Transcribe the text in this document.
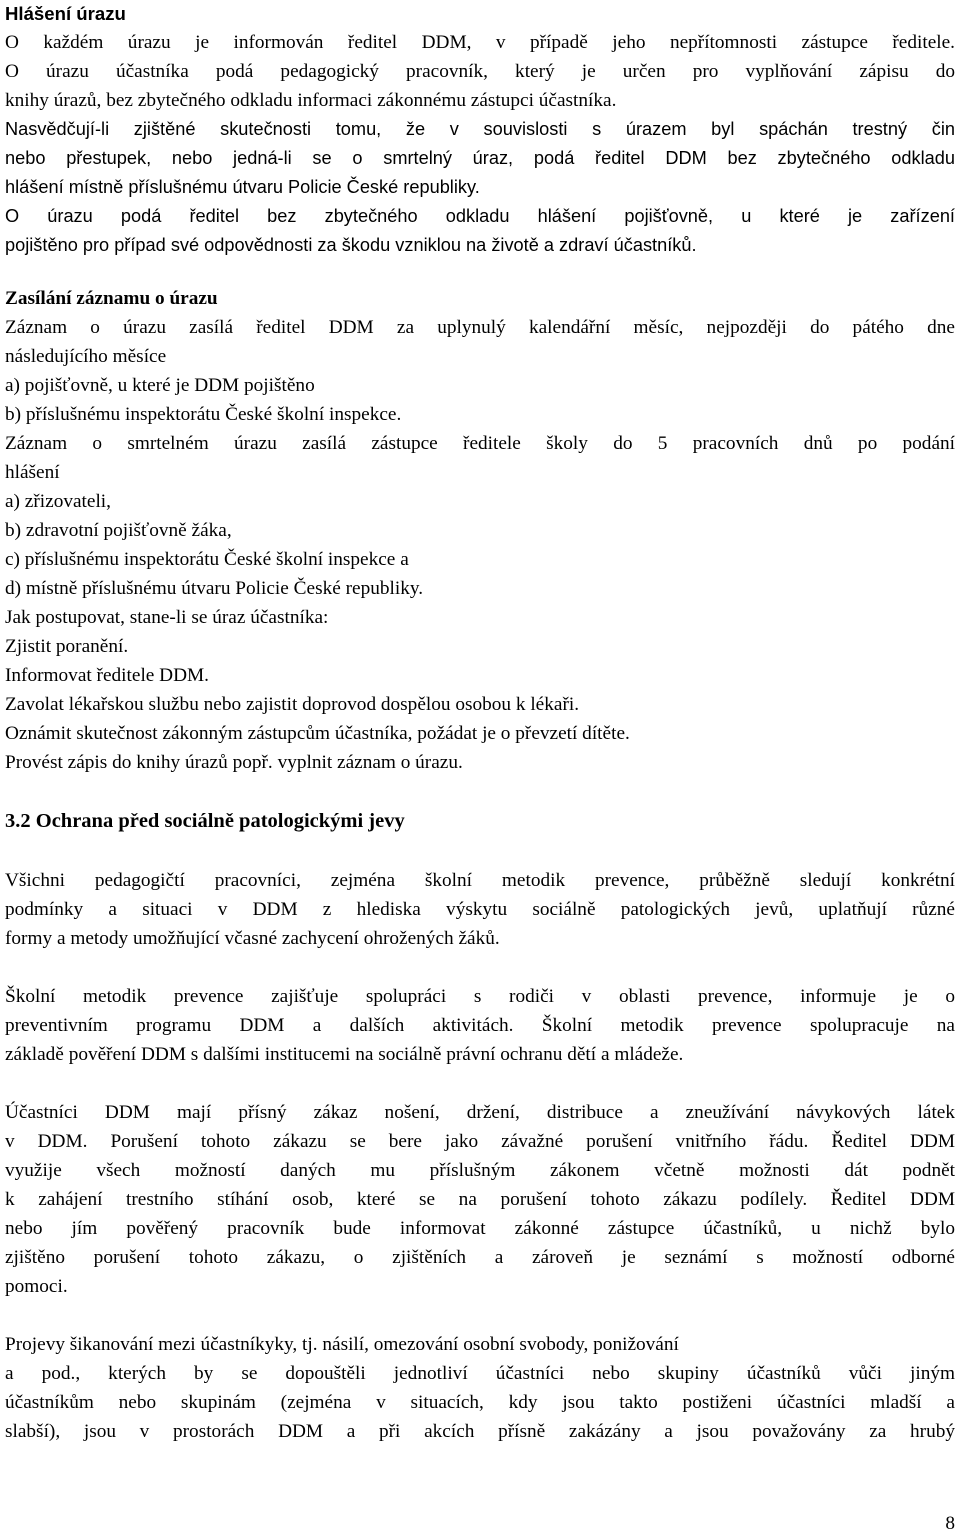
Hlášení úrazu

O každém úrazu je informován ředitel DDM, v případě jeho nepřítomnosti zástupce ředitele.

O úrazu účastníka podá pedagogický pracovník, který je určen pro vyplňování zápisu do

knihy úrazů, bez zbytečného odkladu informaci zákonnému zástupci účastníka.

Nasvědčují-li zjištěné skutečnosti tomu, že v souvislosti s úrazem byl spáchán trestný čin

nebo přestupek, nebo jedná-li se o smrtelný úraz, podá ředitel DDM bez zbytečného odkladu

hlášení místně příslušnému útvaru Policie České republiky.

O úrazu podá ředitel bez zbytečného odkladu hlášení pojišťovně, u které je zařízení

pojištěno pro případ své odpovědnosti za škodu vzniklou na životě a zdraví účastníků.

Zasílání záznamu o úrazu

Záznam o úrazu zasílá ředitel DDM za uplynulý kalendářní měsíc, nejpozději do pátého dne

následujícího měsíce

a) pojišťovně, u které je DDM pojištěno

b) příslušnému inspektorátu České školní inspekce.

Záznam o smrtelném úrazu zasílá zástupce ředitele školy do 5 pracovních dnů po podání

hlášení

a) zřizovateli,

b) zdravotní pojišťovně žáka,

c) příslušnému inspektorátu České školní inspekce a

d) místně příslušnému útvaru Policie České republiky.

Jak postupovat, stane-li se úraz účastníka:

Zjistit poranění.

Informovat ředitele DDM.

Zavolat lékařskou službu nebo zajistit doprovod dospělou osobou k lékaři.

Oznámit skutečnost zákonným zástupcům účastníka, požádat je o převzetí dítěte.

Provést zápis do knihy úrazů popř. vyplnit záznam o úrazu.

3.2 Ochrana před sociálně patologickými jevy

Všichni pedagogičtí pracovníci, zejména školní metodik prevence, průběžně sledují konkrétní

podmínky a situaci v DDM z hlediska výskytu sociálně patologických jevů, uplatňují různé

formy a metody umožňující včasné zachycení ohrožených žáků.

Školní metodik prevence zajišťuje spolupráci s rodiči v oblasti prevence, informuje je o

preventivním programu DDM a dalších aktivitách. Školní metodik prevence spolupracuje na

základě pověření DDM s dalšími institucemi na sociálně právní ochranu dětí a mládeže.

Účastníci DDM mají přísný zákaz nošení, držení, distribuce a zneužívání návykových látek

v DDM. Porušení tohoto zákazu se bere jako závažné porušení vnitřního řádu. Ředitel DDM

využije všech možností daných mu příslušným zákonem včetně možnosti dát podnět

k zahájení trestního stíhání osob, které se na porušení tohoto zákazu podílely. Ředitel DDM

nebo jím pověřený pracovník bude informovat zákonné zástupce účastníků, u nichž bylo

zjištěno porušení tohoto zákazu, o zjištěních a zároveň je seznámí s možností odborné

pomoci.

Projevy šikanování mezi účastníkyky, tj. násilí, omezování osobní svobody, ponižování

a pod., kterých by se dopouštěli jednotliví účastníci nebo skupiny účastníků vůči jiným

účastníkům nebo skupinám (zejména v situacích, kdy jsou takto postiženi účastníci mladší a

slabší), jsou v prostorách DDM a při akcích přísně zakázány a jsou považovány za hrubý

8
